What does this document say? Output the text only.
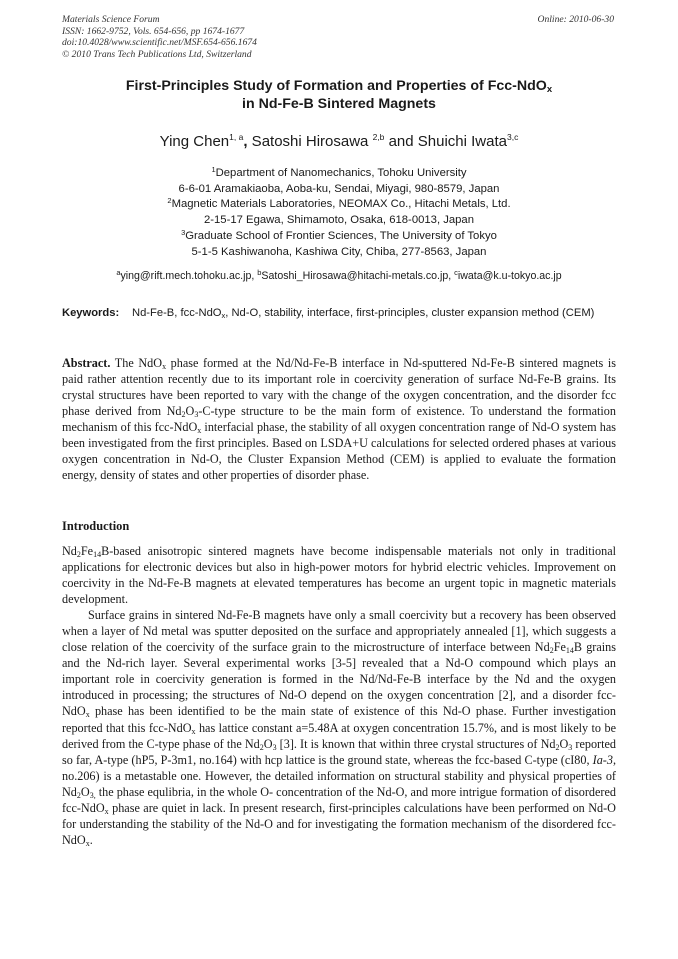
Materials Science Forum
ISSN: 1662-9752, Vols. 654-656, pp 1674-1677
doi:10.4028/www.scientific.net/MSF.654-656.1674
© 2010 Trans Tech Publications Ltd, Switzerland
Online: 2010-06-30
First-Principles Study of Formation and Properties of Fcc-NdO$_x$
in Nd-Fe-B Sintered Magnets
Ying Chen$^{1, a}$, Satoshi Hirosawa $^{2,b}$ and Shuichi Iwata$^{3,c}$
$^1$Department of Nanomechanics, Tohoku University
6-6-01 Aramakiaoba, Aoba-ku, Sendai, Miyagi, 980-8579, Japan
$^2$Magnetic Materials Laboratories, NEOMAX Co., Hitachi Metals, Ltd.
2-15-17 Egawa, Shimamoto, Osaka, 618-0013, Japan
$^3$Graduate School of Frontier Sciences, The University of Tokyo
5-1-5 Kashiwanoha, Kashiwa City, Chiba, 277-8563, Japan
$^a$ying@rift.mech.tohoku.ac.jp, $^b$Satoshi_Hirosawa@hitachi-metals.co.jp, $^c$iwata@k.u-tokyo.ac.jp
Keywords: Nd-Fe-B, fcc-NdO$_x$, Nd-O, stability, interface, first-principles, cluster expansion method (CEM)

Abstract. The NdO$_x$ phase formed at the Nd/Nd-Fe-B interface in Nd-sputtered Nd-Fe-B sintered magnets is paid rather attention recently due to its important role in coercivity generation of surface Nd-Fe-B grains. Its crystal structures have been reported to vary with the change of the oxygen concentration, and the disorder fcc phase derived from $Nd_2O_3-C$-type structure to be the main form of existence. To understand the formation mechanism of this fcc-NdO$_x$ interfacial phase, the stability of all oxygen concentration range of Nd-O system has been investigated from the first principles. Based on LSDA+U calculations for selected ordered phases at various oxygen concentration in Nd-O, the Cluster Expansion Method (CEM) is applied to evaluate the formation energy, density of states and other properties of disorder phase.

Introduction

$Nd_2Fe_{14}B$-based anisotropic sintered magnets have become indispensable materials not only in traditional applications for electronic devices but also in high-power motors for hybrid electric vehicles. Improvement on coercivity in the Nd-Fe-B magnets at elevated temperatures has become an urgent topic in magnetic materials development.

Surface grains in sintered Nd-Fe-B magnets have only a small coercivity but a recovery has been observed when a layer of Nd metal was sputter deposited on the surface and appropriately annealed [1], which suggests a close relation of the coercivity of the surface grain to the microstructure of interface between $Nd_2Fe_{14}B$ grains and the Nd-rich layer. Several experimental works [3-5] revealed that a Nd-O compound which plays an important role in coercivity generation is formed in the Nd/Nd-Fe-B interface by the Nd and the oxygen introduced in processing; the structures of Nd-O depend on the oxygen concentration [2], and a disorder fcc-NdO$_x$ phase has been identified to be the main state of existence of this Nd-O phase. Further investigation reported that this fcc-NdO$_x$ has lattice constant a=5.48A at oxygen concentration 15.7%, and is most likely to be derived from the C-type phase of the $Nd_2O_3$ [3]. It is known that within three crystal structures of $Nd_2O_3$ reported so far, A-type (hP5, P-3m1, no.164) with hcp lattice is the ground state, whereas the fcc-based C-type (cI80, Ia-3, no.206) is a metastable one. However, the detailed information on structural stability and physical properties of $Nd_2O_{3,}$ the phase equlibria, in the whole O- concentration of the Nd-O, and more intrigue formation of disordered fcc-NdO$_x$ phase are quiet in lack. In present research, first-principles calculations have been performed on Nd-O for understanding the stability of the Nd-O and for investigating the formation mechanism of the disordered fcc-NdO$_x$.
